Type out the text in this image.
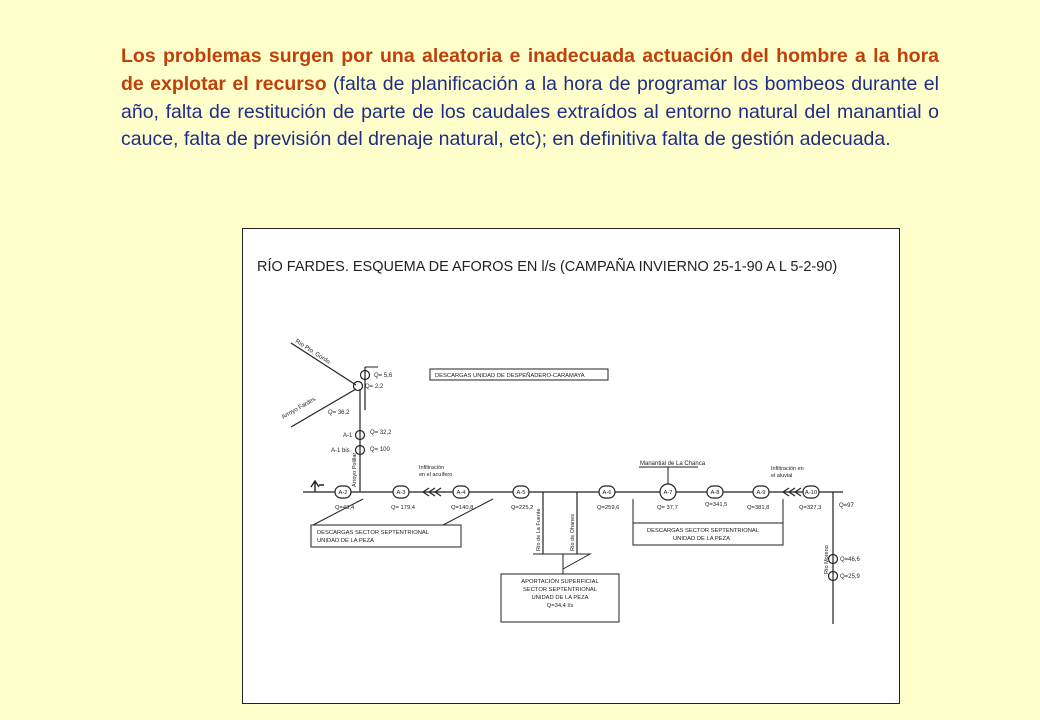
Los problemas surgen por una aleatoria e inadecuada actuación del hombre a la hora de explotar el recurso (falta de planificación a la hora de programar los bombeos durante el año, falta de restitución de parte de los caudales extraídos al entorno natural del manantial o cauce, falta de previsión del drenaje natural, etc); en definitiva falta de gestión adecuada.
RÍO FARDES. ESQUEMA DE AFOROS EN l/s (CAMPAÑA INVIERNO 25-1-90 A L 5-2-90)
Río Pto. Gordo
Arroyo Fardes
Q= 5,6
Q= 2,2
Q= 36,2
A-1	Q= 32,2
A-1 bis	Q= 100
Arroyo Polillar
DESCARGAS UNIDAD DE DESPEÑADERO-CARAMAYA
A-2
Q=43,4
A-3
Q= 179,4
A-4
Q=140,8
A-5
Q=225,2
A-6
Q=259,6
A-7
Q= 37,7
A-8
Q=341,5
A-9
Q=381,8
A-10
Q=327,3
Infiltración
en el acuífero
Infiltración en
el aluvial
Manantial de La Chanca
DESCARGAS SECTOR SEPTENTRIONAL
UNIDAD DE LA PEZA
DESCARGAS SECTOR SEPTENTRIONAL
UNIDAD DE LA PEZA
Río de La Fuente	Río de Ohanes
APORTACIÓN SUPERFICIAL
SECTOR SEPTENTRIONAL
UNIDAD DE LA PEZA
Q=34,4 l/s
Río Moreno Q=46,6
Q=25,9
Q=97
